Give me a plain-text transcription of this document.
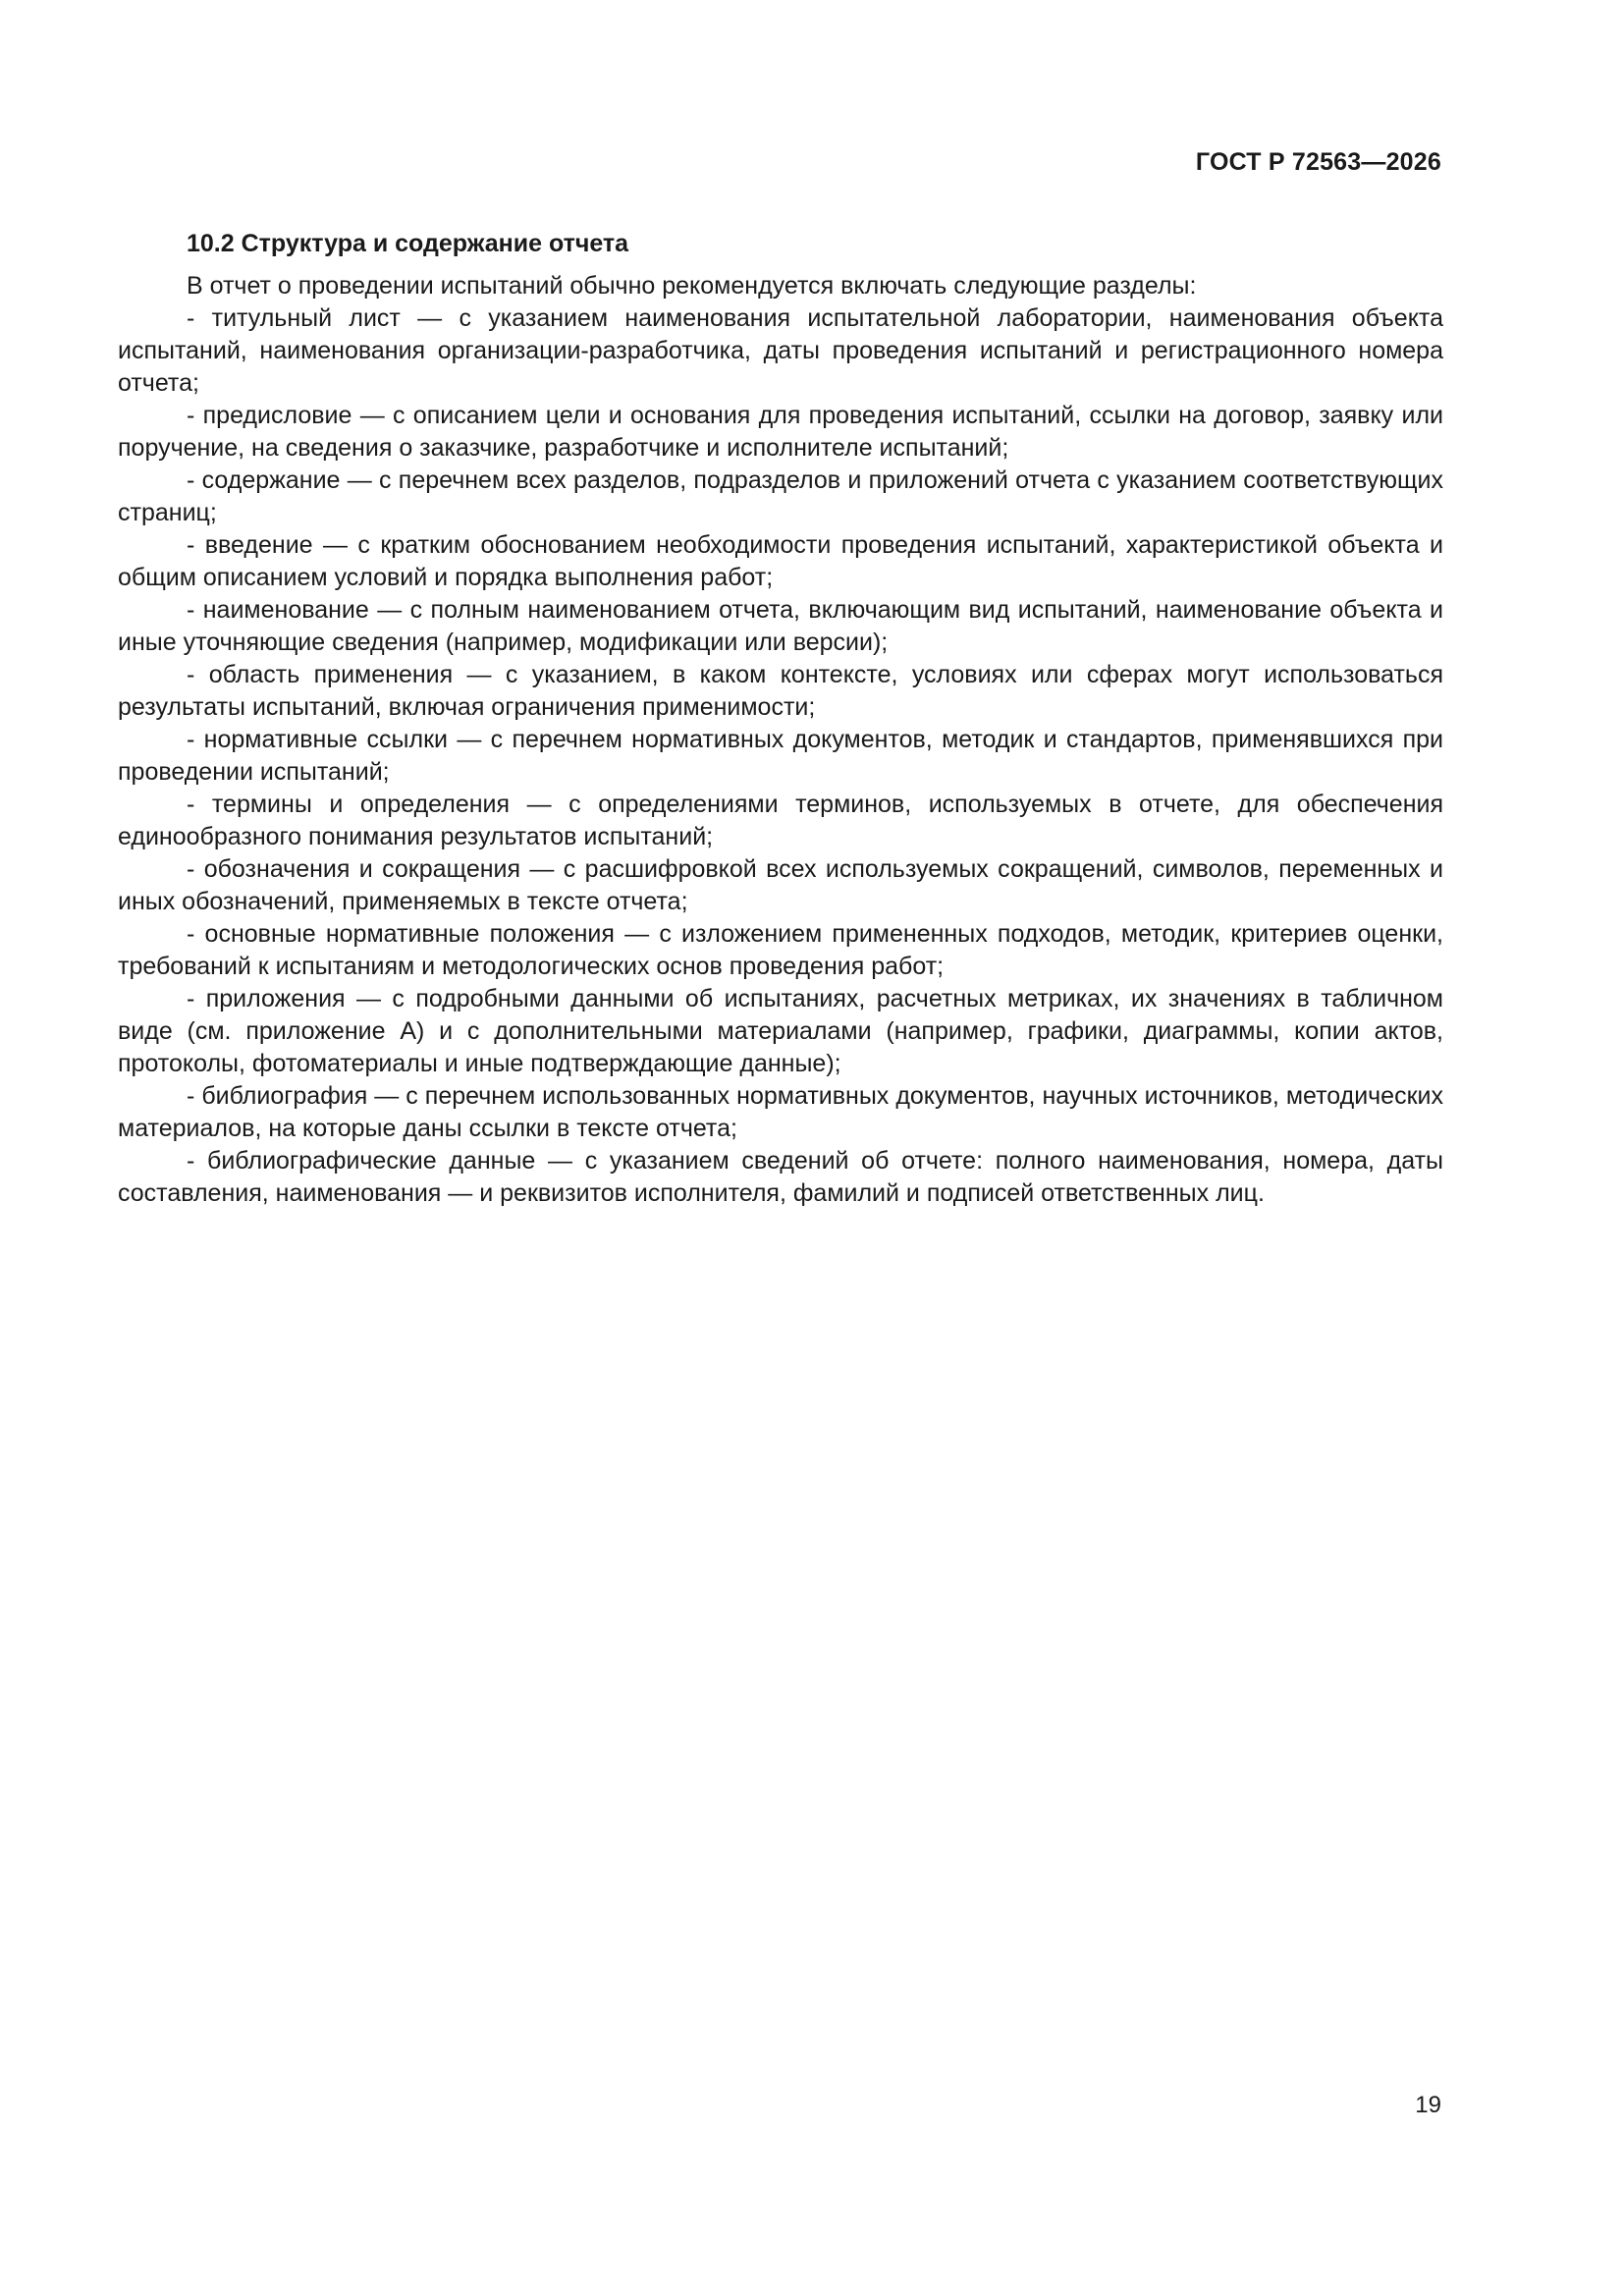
ГОСТ Р 72563—2026

10.2 Структура и содержание отчета

В отчет о проведении испытаний обычно рекомендуется включать следующие разделы:

- титульный лист — с указанием наименования испытательной лаборатории, наименования объекта испытаний, наименования организации-разработчика, даты проведения испытаний и регистрационного номера отчета;

- предисловие — с описанием цели и основания для проведения испытаний, ссылки на договор, заявку или поручение, на сведения о заказчике, разработчике и исполнителе испытаний;

- содержание — с перечнем всех разделов, подразделов и приложений отчета с указанием соответствующих страниц;

- введение — с кратким обоснованием необходимости проведения испытаний, характеристикой объекта и общим описанием условий и порядка выполнения работ;

- наименование — с полным наименованием отчета, включающим вид испытаний, наименование объекта и иные уточняющие сведения (например, модификации или версии);

- область применения — с указанием, в каком контексте, условиях или сферах могут использоваться результаты испытаний, включая ограничения применимости;

- нормативные ссылки — с перечнем нормативных документов, методик и стандартов, применявшихся при проведении испытаний;

- термины и определения — с определениями терминов, используемых в отчете, для обеспечения единообразного понимания результатов испытаний;

- обозначения и сокращения — с расшифровкой всех используемых сокращений, символов, переменных и иных обозначений, применяемых в тексте отчета;

- основные нормативные положения — с изложением примененных подходов, методик, критериев оценки, требований к испытаниям и методологических основ проведения работ;

- приложения — с подробными данными об испытаниях, расчетных метриках, их значениях в табличном виде (см. приложение А) и с дополнительными материалами (например, графики, диаграммы, копии актов, протоколы, фотоматериалы и иные подтверждающие данные);

- библиография — с перечнем использованных нормативных документов, научных источников, методических материалов, на которые даны ссылки в тексте отчета;

- библиографические данные — с указанием сведений об отчете: полного наименования, номера, даты составления, наименования — и реквизитов исполнителя, фамилий и подписей ответственных лиц.

19
